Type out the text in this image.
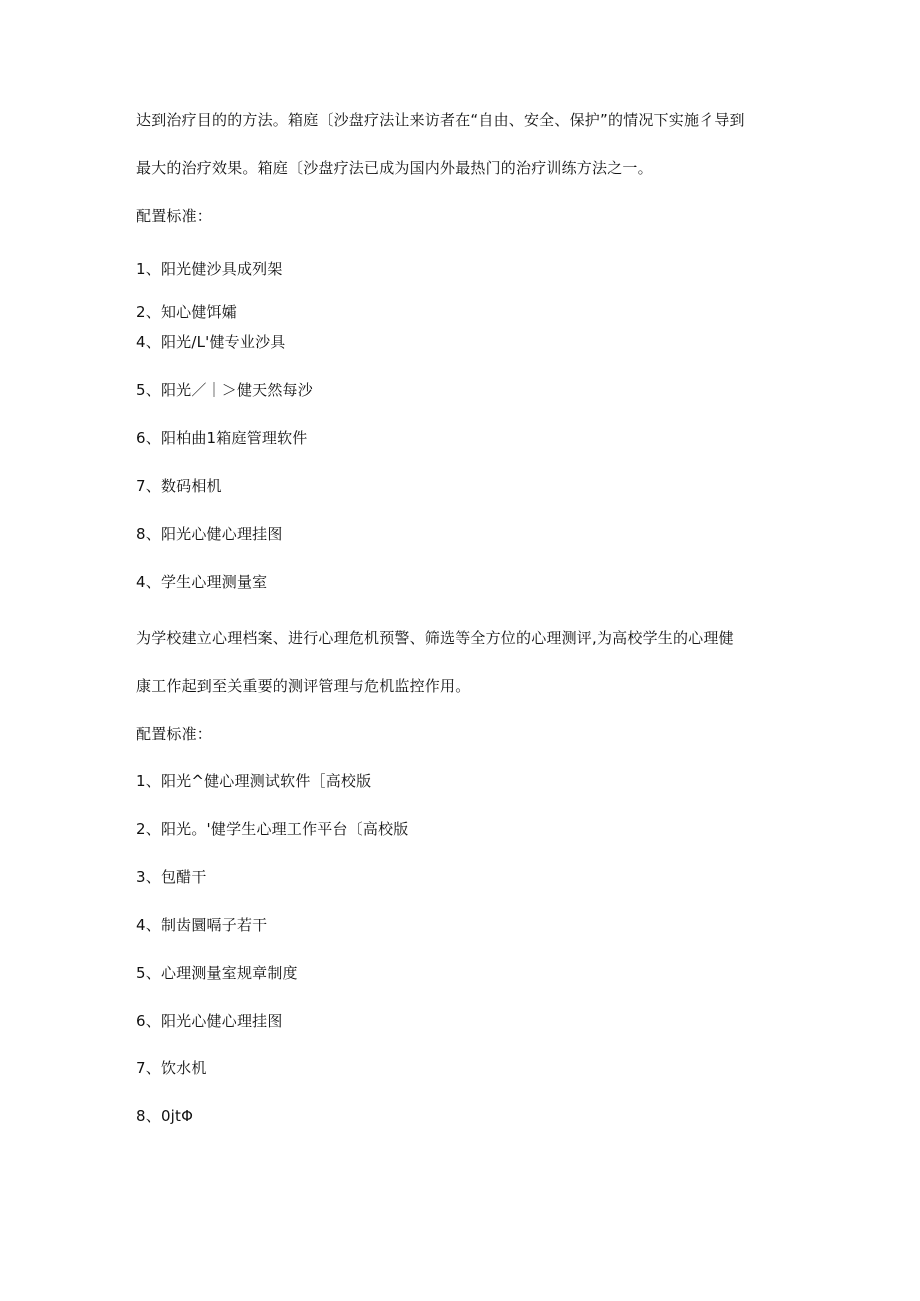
达到治疗目的的方法。箱庭〔沙盘疗法让来访者在“自由、安全、保护”的情况下实施彳导到
最大的治疗效果。箱庭〔沙盘疗法已成为国内外最热门的治疗训练方法之一。
配置标准：
1、阳光健沙具成列架
2、知心健饵孀
4、阳光/L'健专业沙具
5、阳光／｜＞健天然每沙
6、阳柏曲1箱庭管理软件
7、数码相机
8、阳光心健心理挂图
4、学生心理测量室
为学校建立心理档案、进行心理危机预警、筛选等全方位的心理测评,为高校学生的心理健
康工作起到至关重要的测评管理与危机监控作用。
配置标准：
1、阳光^健心理测试软件［高校版
2、阳光。'健学生心理工作平台〔高校版
3、包醋干
4、制齿圜嗝子若干
5、心理测量室规章制度
6、阳光心健心理挂图
7、饮水机
8、0jtΦ
